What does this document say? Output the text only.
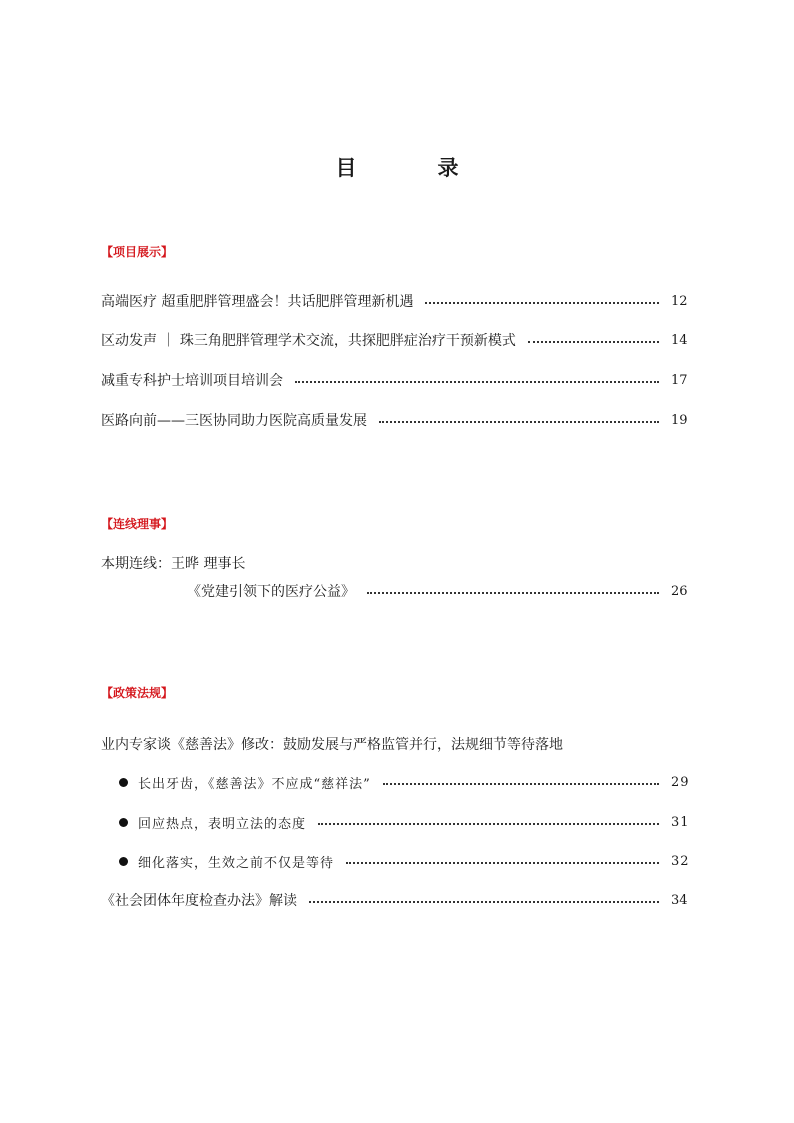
目　录
【项目展示】
高端医疗 超重肥胖管理盛会！共话肥胖管理新机遇	12
区动发声 ｜ 珠三角肥胖管理学术交流，共探肥胖症治疗干预新模式	14
减重专科护士培训项目培训会	17
医路向前——三医协同助力医院高质量发展	19
【连线理事】
本期连线：王晔 理事长
《党建引领下的医疗公益》	26
【政策法规】
业内专家谈《慈善法》修改：鼓励发展与严格监管并行，法规细节等待落地
长出牙齿，《慈善法》不应成“慈祥法”	29
回应热点，表明立法的态度	31
细化落实，生效之前不仅是等待	32
《社会团体年度检查办法》解读	34
